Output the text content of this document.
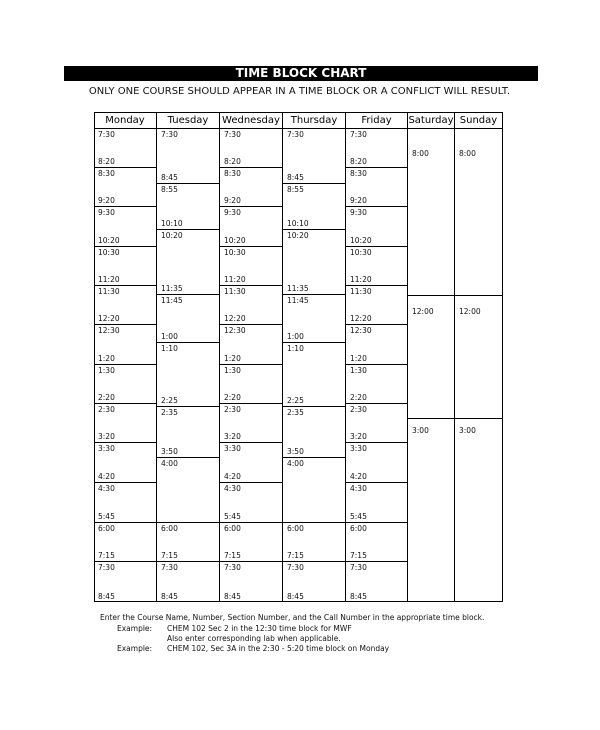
TIME BLOCK CHART
ONLY ONE COURSE SHOULD APPEAR IN A TIME BLOCK OR A CONFLICT WILL RESULT.
Monday
7:30
8:20
8:30
9:20
9:30
10:20
10:30
11:20
11:30
12:20
12:30
1:20
1:30
2:20
2:30
3:20
3:30
4:20
4:30
5:45
6:00
7:15
7:30
8:45
Tuesday
7:30
8:45
8:55
10:10
10:20
11:35
11:45
1:00
1:10
2:25
2:35
3:50
4:00
6:00
7:15
7:30
8:45
Wednesday
7:30
8:20
8:30
9:20
9:30
10:20
10:30
11:20
11:30
12:20
12:30
1:20
1:30
2:20
2:30
3:20
3:30
4:20
4:30
5:45
6:00
7:15
7:30
8:45
Thursday
7:30
8:45
8:55
10:10
10:20
11:35
11:45
1:00
1:10
2:25
2:35
3:50
4:00
6:00
7:15
7:30
8:45
Friday
7:30
8:20
8:30
9:20
9:30
10:20
10:30
11:20
11:30
12:20
12:30
1:20
1:30
2:20
2:30
3:20
3:30
4:20
4:30
5:45
6:00
7:15
7:30
8:45
Saturday
8:00
12:00
3:00
Sunday
8:00
12:00
3:00
Enter the Course Name, Number, Section Number, and the Call Number in the appropriate time block.
Example: CHEM 102 Sec 2 in the 12:30 time block for MWF
Also enter corresponding lab when applicable.
Example: CHEM 102, Sec 3A in the 2:30 - 5:20 time block on Monday
